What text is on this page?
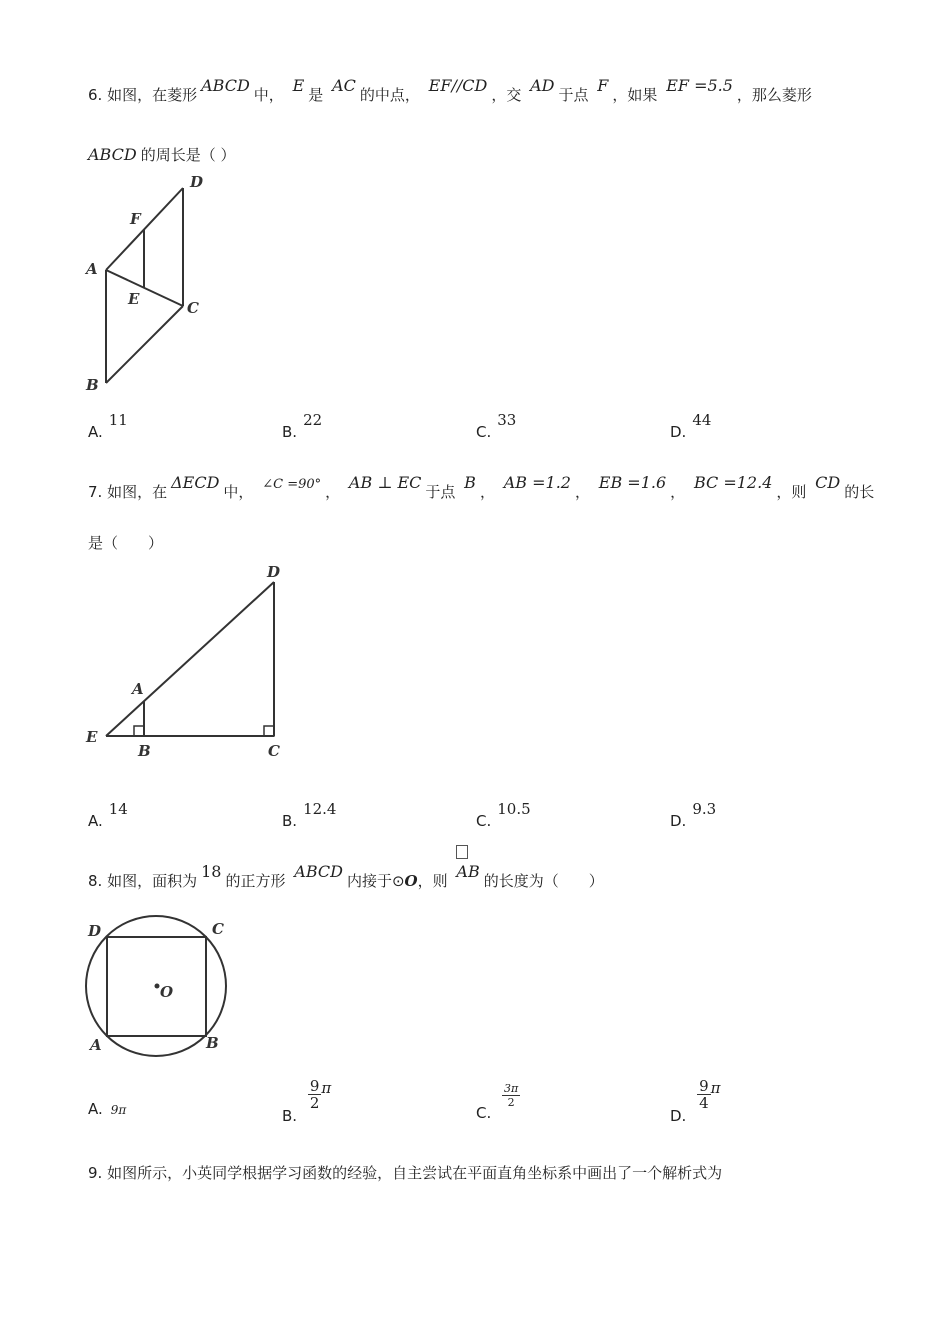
6. 如图，在菱形 ABCD 中， E 是 AC 的中点， EF//CD ，交 AD 于点 F ，如果 EF =5.5 ，那么菱形
ABCD 的周长是（ ）
D
F
A
E	C
B
A.11
B.22
C.33
D.44
7. 如图，在 ΔECD 中， ∠C =90° ， AB ⊥ EC 于点 B ， AB =1.2 ， EB =1.6 ， BC =12.4 ，则 CD 的长
是（　　）
D
A
E
B	C
A.14
B.12.4
C.10.5
D.9.3
8. 如图，面积为 18 的正方形 ABCD 内接于⊙O，则 AB 的长度为（　　）
D	C
O
A	B
A. 9π	B.
$\frac{9}{2}$ π
C.
$\frac{3\pi}{2}$
D.
$\frac{9}{4}$ π
9. 如图所示，小英同学根据学习函数的经验，自主尝试在平面直角坐标系中画出了一个解析式为
